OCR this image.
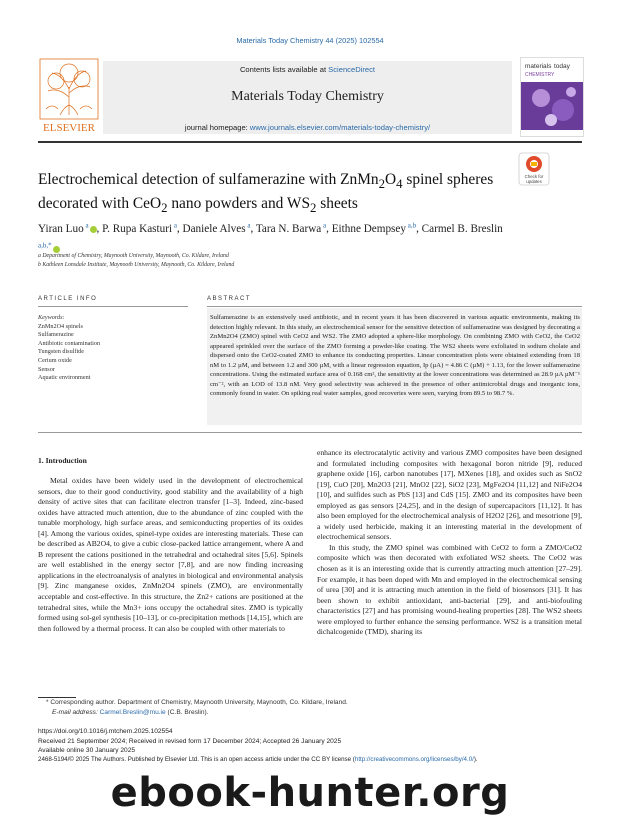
Materials Today Chemistry 44 (2025) 102554
ELSEVIER
Contents lists available at ScienceDirect
Materials Today Chemistry
journal homepage: www.journals.elsevier.com/materials-today-chemistry/
materials today
CHEMISTRY
Electrochemical detection of sulfamerazine with $ZnMn_2O_4$ spinel spheres
decorated with CeO$_2$ nano powders and $WS_2$ sheets
Check for
updates
Yiran Luo $^a$ , P. Rupa Kasturi $^a$, Daniele Alves $^a$, Tara N. Barwa $^a$, Eithne Dempsey $^{a,b}$, Carmel B. Breslin $^{a,b,*}$
a Department of Chemistry, Maynooth University, Maynooth, Co. Kildare, Ireland
b Kathleen Lonsdale Institute, Maynooth University, Maynooth, Co. Kildare, Ireland
ARTICLE INFO	ABSTRACT
Keywords:
ZnMn2O4 spinels
Sulfamerazine
Antibiotic contamination
Tungsten disulfide
Cerium oxide
Sensor
Aquatic environment
Sulfamerazine is an extensively used antibiotic, and in recent years it has been discovered in various aquatic environments, making its detection highly relevant. In this study, an electrochemical sensor for the sensitive detection of sulfamerazine was designed by decorating a ZnMn2O4 (ZMO) spinel with CeO2 and WS2. The ZMO adopted a sphere-like morphology. On combining ZMO with CeO2, the CeO2 appeared sprinkled over the surface of the ZMO forming a powder-like coating. The WS2 sheets were exfoliated in sodium cholate and dispersed onto the CeO2-coated ZMO to enhance its conducting properties. Linear concentration plots were obtained extending from 18 nM to 1.2 µM, and between 1.2 and 300 µM, with a linear regression equation, Ip (µA) = 4.86 C (µM) + 1.13, for the lower sulfamerazine concentrations. Using the estimated surface area of 0.168 cm², the sensitivity at the lower concentrations was determined as 28.9 µA µM⁻¹ cm⁻², with an LOD of 13.8 nM. Very good selectivity was achieved in the presence of other antimicrobial drugs and inorganic ions, commonly found in water. On spiking real water samples, good recoveries were seen, varying from 89.5 to 98.7 %.
1. Introduction

Metal oxides have been widely used in the development of electrochemical sensors, due to their good conductivity, good stability and the availability of a high density of active sites that can facilitate electron transfer [1–3]. Indeed, zinc-based oxides have attracted much attention, due to the abundance of zinc coupled with the tunable morphology, high surface areas, and semiconducting properties of its oxides [4]. Among the various oxides, spinel-type oxides are interesting materials. These can be described as AB2O4, to give a cubic close-packed lattice arrangement, where A and B represent the cations positioned in the tetrahedral and octahedral sites [5,6]. Spinels are well established in the energy sector [7,8], and are now finding increasing applications in the electroanalysis of analytes in biological and environmental analysis [9]. Zinc manganese oxides, ZnMn2O4 spinels (ZMO), are environmentally acceptable and cost-effective. In this structure, the Zn2+ cations are positioned at the tetrahedral sites, while the Mn3+ ions occupy the octahedral sites. ZMO is typically formed using sol-gel synthesis [10–13], or co-precipitation methods [14,15], which are then followed by a thermal process. It can also be coupled with other materials to

enhance its electrocatalytic activity and various ZMO composites have been designed and formulated including composites with hexagonal boron nitride [9], reduced graphene oxide [16], carbon nanotubes [17], MXenes [18], and oxides such as SnO2 [19], CuO [20], Mn2O3 [21], MnO2 [22], SiO2 [23], MgFe2O4 [11,12] and NiFe2O4 [10], and sulfides such as PbS [13] and CdS [15]. ZMO and its composites have been employed as gas sensors [24,25], and in the design of supercapacitors [11,12]. It has also been employed for the electrochemical analysis of H2O2 [26], and mesotrione [9], a widely used herbicide, making it an interesting material in the development of electrochemical sensors.

In this study, the ZMO spinel was combined with CeO2 to form a ZMO/CeO2 composite which was then decorated with exfoliated WS2 sheets. The CeO2 was chosen as it is an interesting oxide that is currently attracting much attention [27–29]. For example, it has been doped with Mn and employed in the electrochemical sensing of urea [30] and it is attracting much attention in the field of biosensors [31]. It has been shown to exhibit antioxidant, anti-bacterial [29], and anti-biofouling characteristics [27] and has promising wound-healing properties [28]. The WS2 sheets were employed to further enhance the sensing performance. WS2 is a transition metal dichalcogenide (TMD), sharing its

* Corresponding author. Department of Chemistry, Maynooth University, Maynooth, Co. Kildare, Ireland.
E-mail address: Carmel.Breslin@mu.ie (C.B. Breslin).
https://doi.org/10.1016/j.mtchem.2025.102554
Received 21 September 2024; Received in revised form 17 December 2024; Accepted 26 January 2025
Available online 30 January 2025
2468-5194/© 2025 The Authors. Published by Elsevier Ltd. This is an open access article under the CC BY license (http://creativecommons.org/licenses/by/4.0/).
ebook-hunter.org
